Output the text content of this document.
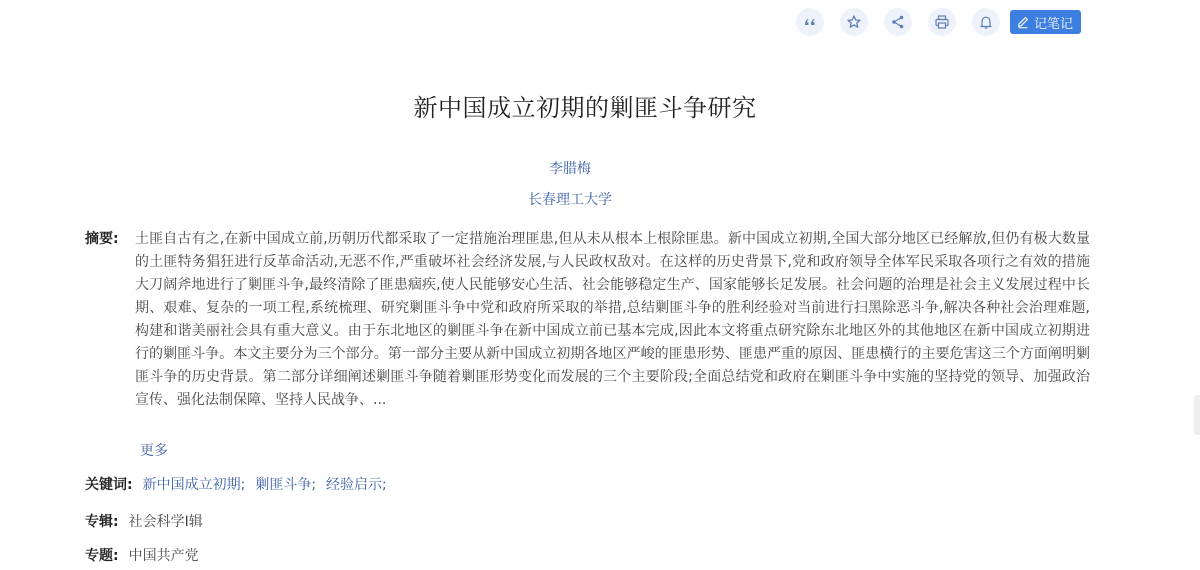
记笔记
新中国成立初期的剿匪斗争研究
李腊梅
长春理工大学
摘要: 土匪自古有之,在新中国成立前,历朝历代都采取了一定措施治理匪患,但从未从根本上根除匪患。新中国成立初期,全国大部分地区已经解放,但仍有极大数量的土匪特务猖狂进行反革命活动,无恶不作,严重破坏社会经济发展,与人民政权敌对。在这样的历史背景下,党和政府领导全体军民采取各项行之有效的措施大刀阔斧地进行了剿匪斗争,最终清除了匪患痼疾,使人民能够安心生活、社会能够稳定生产、国家能够长足发展。社会问题的治理是社会主义发展过程中长期、艰难、复杂的一项工程,系统梳理、研究剿匪斗争中党和政府所采取的举措,总结剿匪斗争的胜利经验对当前进行扫黑除恶斗争,解决各种社会治理难题,构建和谐美丽社会具有重大意义。由于东北地区的剿匪斗争在新中国成立前已基本完成,因此本文将重点研究除东北地区外的其他地区在新中国成立初期进行的剿匪斗争。本文主要分为三个部分。第一部分主要从新中国成立初期各地区严峻的匪患形势、匪患严重的原因、匪患横行的主要危害这三个方面阐明剿匪斗争的历史背景。第二部分详细阐述剿匪斗争随着剿匪形势变化而发展的三个主要阶段;全面总结党和政府在剿匪斗争中实施的坚持党的领导、加强政治宣传、强化法制保障、坚持人民战争、...
更多
关键词: 新中国成立初期; 剿匪斗争; 经验启示;
专辑: 社会科学Ⅰ辑
专题: 中国共产党
